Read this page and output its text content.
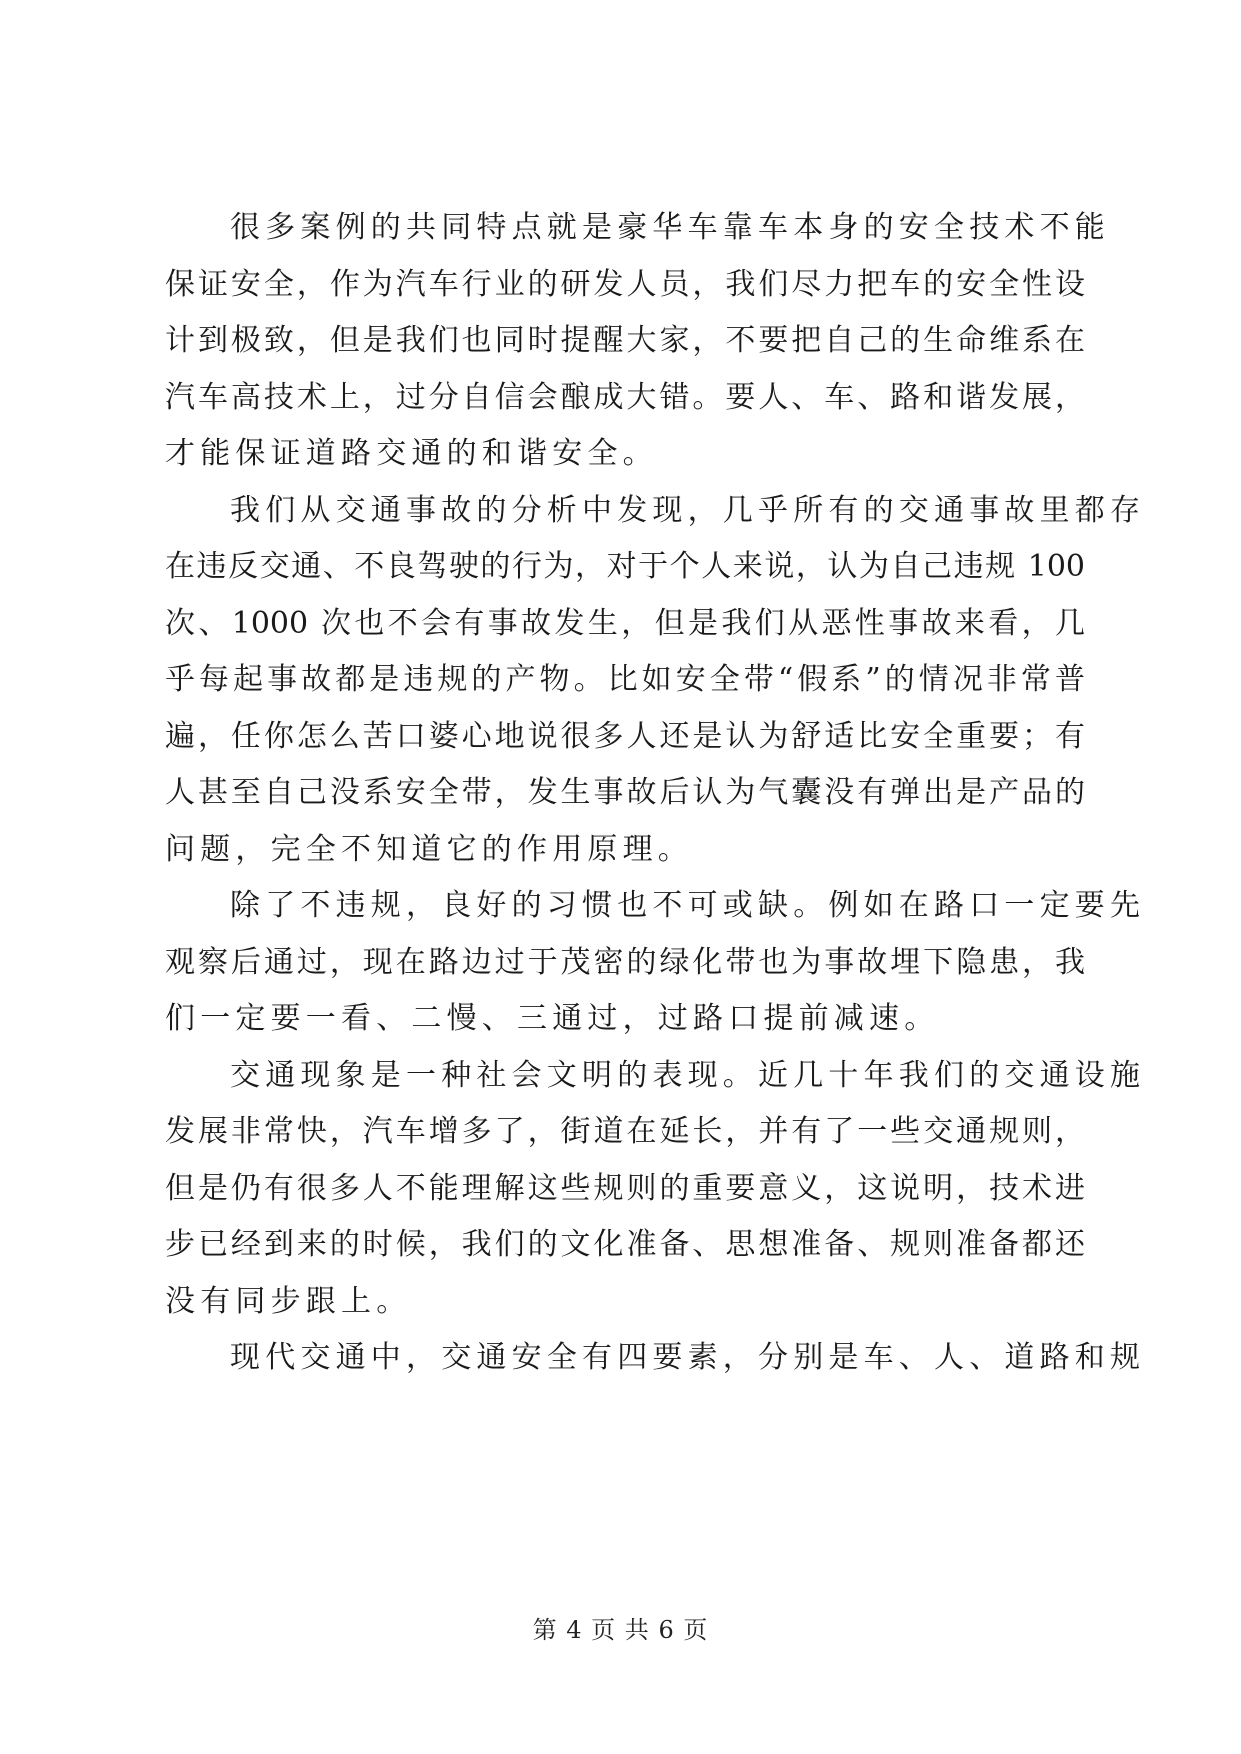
很多案例的共同特点就是豪华车靠车本身的安全技术不能
保证安全，作为汽车行业的研发人员，我们尽力把车的安全性设
计到极致，但是我们也同时提醒大家，不要把自己的生命维系在
汽车高技术上，过分自信会酿成大错。要人、车、路和谐发展，
才能保证道路交通的和谐安全。
我们从交通事故的分析中发现，几乎所有的交通事故里都存
在违反交通、不良驾驶的行为，对于个人来说，认为自己违规 100
次、1000 次也不会有事故发生，但是我们从恶性事故来看，几
乎每起事故都是违规的产物。比如安全带“假系”的情况非常普
遍，任你怎么苦口婆心地说很多人还是认为舒适比安全重要；有
人甚至自己没系安全带，发生事故后认为气囊没有弹出是产品的
问题，完全不知道它的作用原理。
除了不违规，良好的习惯也不可或缺。例如在路口一定要先
观察后通过，现在路边过于茂密的绿化带也为事故埋下隐患，我
们一定要一看、二慢、三通过，过路口提前减速。
交通现象是一种社会文明的表现。近几十年我们的交通设施
发展非常快，汽车增多了，街道在延长，并有了一些交通规则，
但是仍有很多人不能理解这些规则的重要意义，这说明，技术进
步已经到来的时候，我们的文化准备、思想准备、规则准备都还
没有同步跟上。
现代交通中，交通安全有四要素，分别是车、人、道路和规
第 4 页 共 6 页
